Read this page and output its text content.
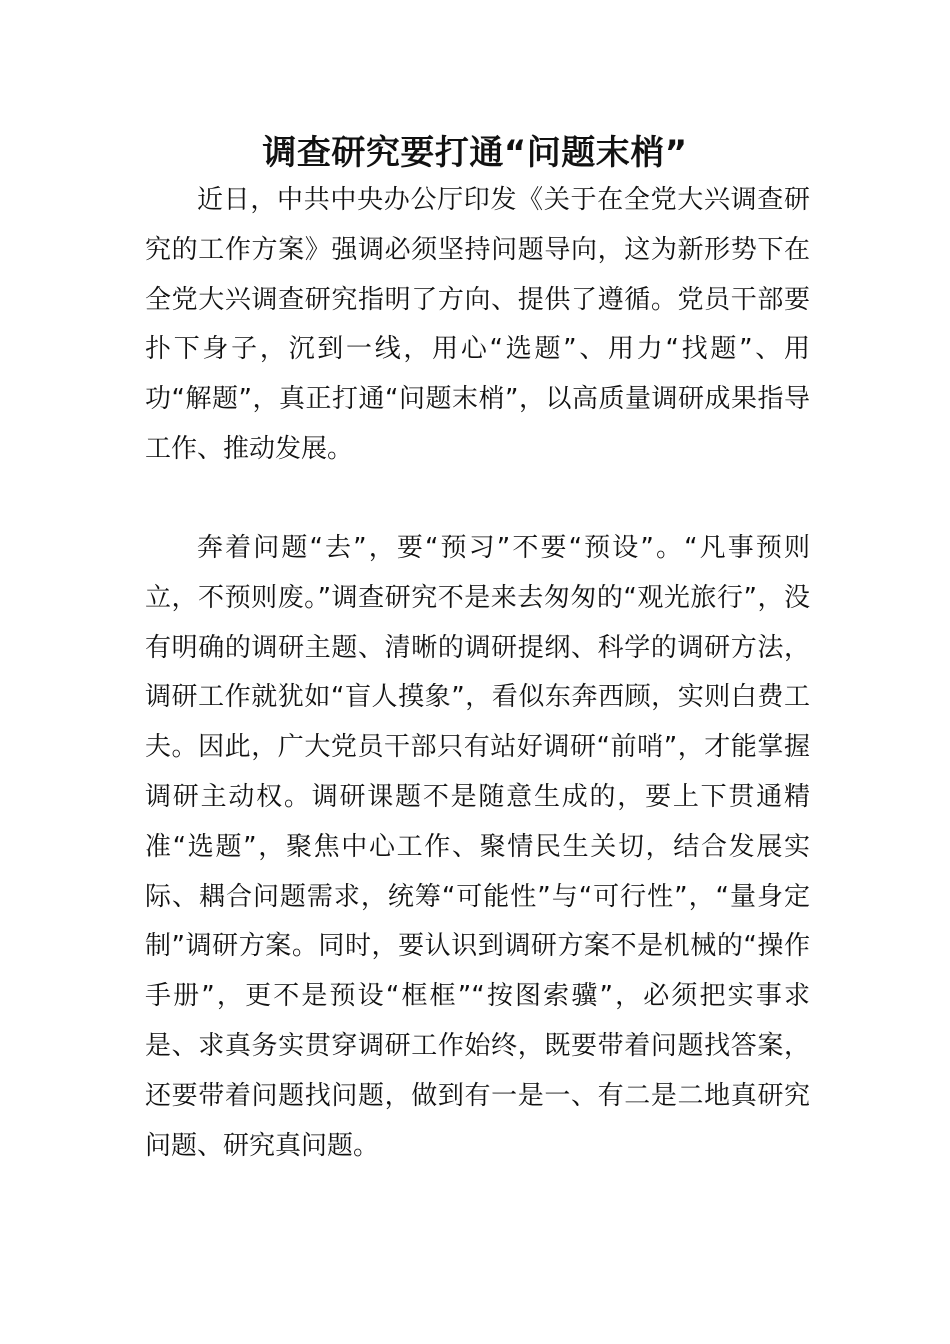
调查研究要打通“问题末梢”

近日，中共中央办公厅印发《关于在全党大兴调查研究的工作方案》强调必须坚持问题导向，这为新形势下在全党大兴调查研究指明了方向、提供了遵循。党员干部要扑下身子，沉到一线，用心“选题”、用力“找题”、用功“解题”，真正打通“问题末梢”，以高质量调研成果指导工作、推动发展。

奔着问题“去”，要“预习”不要“预设”。“凡事预则立，不预则废。”调查研究不是来去匆匆的“观光旅行”，没有明确的调研主题、清晰的调研提纲、科学的调研方法，调研工作就犹如“盲人摸象”，看似东奔西顾，实则白费工夫。因此，广大党员干部只有站好调研“前哨”，才能掌握调研主动权。调研课题不是随意生成的，要上下贯通精准“选题”，聚焦中心工作、聚情民生关切，结合发展实际、耦合问题需求，统筹“可能性”与“可行性”，“量身定制”调研方案。同时，要认识到调研方案不是机械的“操作手册”，更不是预设“框框”“按图索骥”，必须把实事求是、求真务实贯穿调研工作始终，既要带着问题找答案，还要带着问题找问题，做到有一是一、有二是二地真研究问题、研究真问题。
